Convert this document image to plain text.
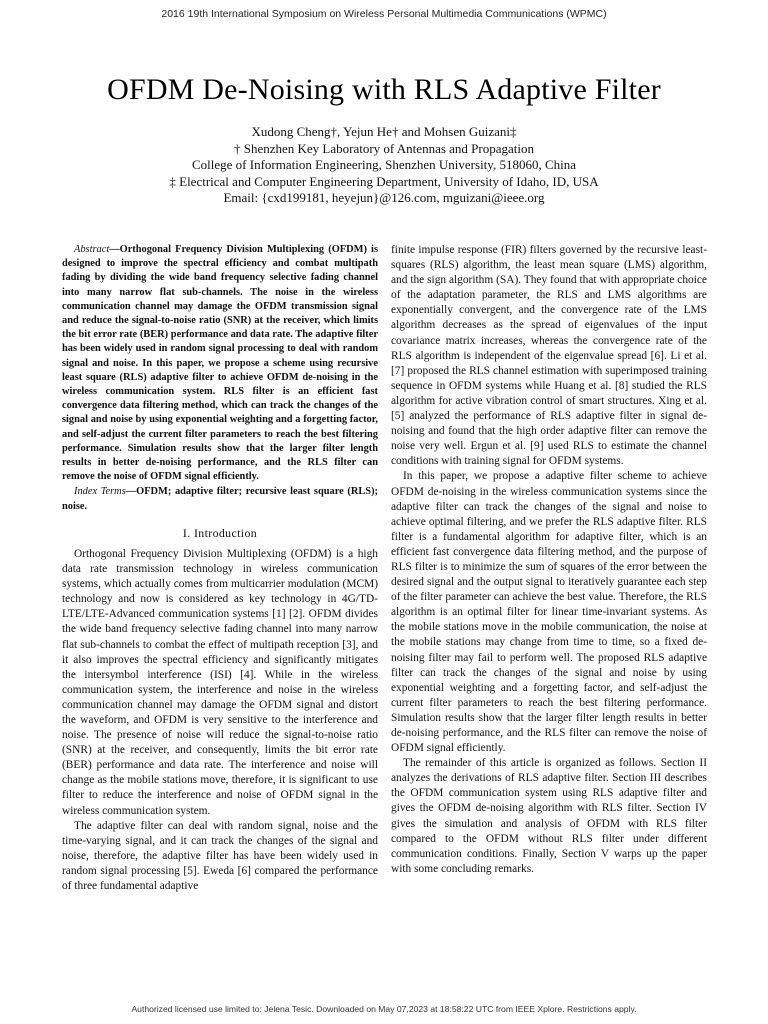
2016 19th International Symposium on Wireless Personal Multimedia Communications (WPMC)
OFDM De-Noising with RLS Adaptive Filter
Xudong Cheng†, Yejun He† and Mohsen Guizani‡
† Shenzhen Key Laboratory of Antennas and Propagation
College of Information Engineering, Shenzhen University, 518060, China
‡ Electrical and Computer Engineering Department, University of Idaho, ID, USA
Email: {cxd199181, heyejun}@126.com, mguizani@ieee.org

Abstract—Orthogonal Frequency Division Multiplexing (OFDM) is designed to improve the spectral efficiency and combat multipath fading by dividing the wide band frequency selective fading channel into many narrow flat sub-channels. The noise in the wireless communication channel may damage the OFDM transmission signal and reduce the signal-to-noise ratio (SNR) at the receiver, which limits the bit error rate (BER) performance and data rate. The adaptive filter has been widely used in random signal processing to deal with random signal and noise. In this paper, we propose a scheme using recursive least square (RLS) adaptive filter to achieve OFDM de-noising in the wireless communication system. RLS filter is an efficient fast convergence data filtering method, which can track the changes of the signal and noise by using exponential weighting and a forgetting factor, and self-adjust the current filter parameters to reach the best filtering performance. Simulation results show that the larger filter length results in better de-noising performance, and the RLS filter can remove the noise of OFDM signal efficiently.

Index Terms—OFDM; adaptive filter; recursive least square (RLS); noise.

I. Introduction

Orthogonal Frequency Division Multiplexing (OFDM) is a high data rate transmission technology in wireless communication systems, which actually comes from multicarrier modulation (MCM) technology and now is considered as key technology in 4G/TD-LTE/LTE-Advanced communication systems [1] [2]. OFDM divides the wide band frequency selective fading channel into many narrow flat sub-channels to combat the effect of multipath reception [3], and it also improves the spectral efficiency and significantly mitigates the intersymbol interference (ISI) [4]. While in the wireless communication system, the interference and noise in the wireless communication channel may damage the OFDM signal and distort the waveform, and OFDM is very sensitive to the interference and noise. The presence of noise will reduce the signal-to-noise ratio (SNR) at the receiver, and consequently, limits the bit error rate (BER) performance and data rate. The interference and noise will change as the mobile stations move, therefore, it is significant to use filter to reduce the interference and noise of OFDM signal in the wireless communication system.

The adaptive filter can deal with random signal, noise and the time-varying signal, and it can track the changes of the signal and noise, therefore, the adaptive filter has have been widely used in random signal processing [5]. Eweda [6] compared the performance of three fundamental adaptive

finite impulse response (FIR) filters governed by the recursive least-squares (RLS) algorithm, the least mean square (LMS) algorithm, and the sign algorithm (SA). They found that with appropriate choice of the adaptation parameter, the RLS and LMS algorithms are exponentially convergent, and the convergence rate of the LMS algorithm decreases as the spread of eigenvalues of the input covariance matrix increases, whereas the convergence rate of the RLS algorithm is independent of the eigenvalue spread [6]. Li et al. [7] proposed the RLS channel estimation with superimposed training sequence in OFDM systems while Huang et al. [8] studied the RLS algorithm for active vibration control of smart structures. Xing et al. [5] analyzed the performance of RLS adaptive filter in signal de-noising and found that the high order adaptive filter can remove the noise very well. Ergun et al. [9] used RLS to estimate the channel conditions with training signal for OFDM systems.

In this paper, we propose a adaptive filter scheme to achieve OFDM de-noising in the wireless communication systems since the adaptive filter can track the changes of the signal and noise to achieve optimal filtering, and we prefer the RLS adaptive filter. RLS filter is a fundamental algorithm for adaptive filter, which is an efficient fast convergence data filtering method, and the purpose of RLS filter is to minimize the sum of squares of the error between the desired signal and the output signal to iteratively guarantee each step of the filter parameter can achieve the best value. Therefore, the RLS algorithm is an optimal filter for linear time-invariant systems. As the mobile stations move in the mobile communication, the noise at the mobile stations may change from time to time, so a fixed de-noising filter may fail to perform well. The proposed RLS adaptive filter can track the changes of the signal and noise by using exponential weighting and a forgetting factor, and self-adjust the current filter parameters to reach the best filtering performance. Simulation results show that the larger filter length results in better de-noising performance, and the RLS filter can remove the noise of OFDM signal efficiently.

The remainder of this article is organized as follows. Section II analyzes the derivations of RLS adaptive filter. Section III describes the OFDM communication system using RLS adaptive filter and gives the OFDM de-noising algorithm with RLS filter. Section IV gives the simulation and analysis of OFDM with RLS filter compared to the OFDM without RLS filter under different communication conditions. Finally, Section V warps up the paper with some concluding remarks.

Authorized licensed use limited to: Jelena Tesic. Downloaded on May 07,2023 at 18:58:22 UTC from IEEE Xplore. Restrictions apply.
